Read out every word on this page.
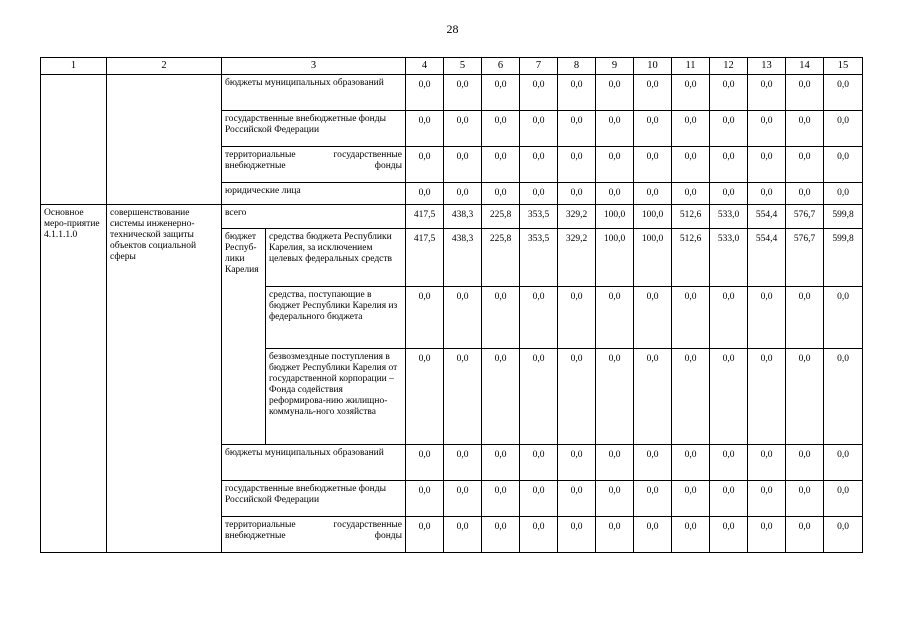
28
1	2	3		4	5	6	7	8	9	10	11	12	13	14	15
		бюджеты муниципальных образований		0,0	0,0	0,0	0,0	0,0	0,0	0,0	0,0	0,0	0,0	0,0	0,0
		государственные внебюджетные фонды Российской Федерации		0,0	0,0	0,0	0,0	0,0	0,0	0,0	0,0	0,0	0,0	0,0	0,0
		территориальные государственные внебюджетные фонды		0,0	0,0	0,0	0,0	0,0	0,0	0,0	0,0	0,0	0,0	0,0	0,0
		юридические лица		0,0	0,0	0,0	0,0	0,0	0,0	0,0	0,0	0,0	0,0	0,0	0,0
Основное меро-приятие 4.1.1.1.0	совершенствование системы инженерно-технической защиты объектов социальной сферы	всего		417,5	438,3	225,8	353,5	329,2	100,0	100,0	512,6	533,0	554,4	576,7	599,8
		бюджет Респуб-лики Карелия	средства бюджета Республики Карелия, за исключением целевых федеральных средств	417,5	438,3	225,8	353,5	329,2	100,0	100,0	512,6	533,0	554,4	576,7	599,8
			средства, поступающие в бюджет Республики Карелия из федерального бюджета	0,0	0,0	0,0	0,0	0,0	0,0	0,0	0,0	0,0	0,0	0,0	0,0
			безвозмездные поступления в бюджет Республики Карелия от государственной корпорации – Фонда содействия реформирова-нию жилищно-коммуналь-ного хозяйства	0,0	0,0	0,0	0,0	0,0	0,0	0,0	0,0	0,0	0,0	0,0	0,0
		бюджеты муниципальных образований		0,0	0,0	0,0	0,0	0,0	0,0	0,0	0,0	0,0	0,0	0,0	0,0
		государственные внебюджетные фонды Российской Федерации		0,0	0,0	0,0	0,0	0,0	0,0	0,0	0,0	0,0	0,0	0,0	0,0
		территориальные государственные внебюджетные фонды		0,0	0,0	0,0	0,0	0,0	0,0	0,0	0,0	0,0	0,0	0,0	0,0
